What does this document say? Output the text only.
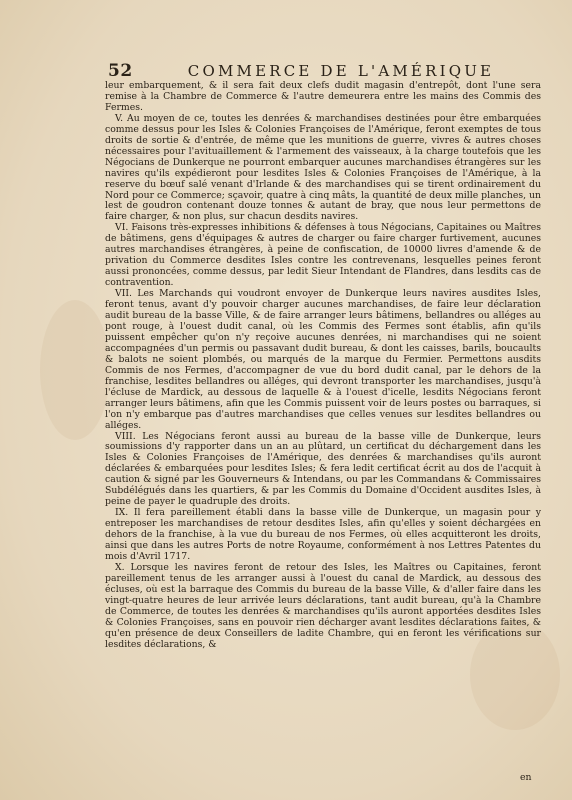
52	COMMERCE DE L'AMÉRIQUE

leur embarquement, & il sera fait deux clefs dudit magasin d'entrepôt, dont l'une sera remise à la Chambre de Commerce & l'autre demeurera entre les mains des Commis des Fermes.

V. Au moyen de ce, toutes les denrées & marchandises destinées pour être embarquées comme dessus pour les Isles & Colonies Françoises de l'Amérique, feront exemptes de tous droits de sortie & d'entrée, de même que les munitions de guerre, vivres & autres choses nécessaires pour l'avituaillement & l'armement des vaisseaux, à la charge toutefois que les Négocians de Dunkerque ne pourront embarquer aucunes marchandises étrangères sur les navires qu'ils expédieront pour lesdites Isles & Colonies Françoises de l'Amérique, à la reserve du bœuf salé venant d'Irlande & des marchandises qui se tirent ordinairement du Nord pour ce Commerce; sçavoir, quatre à cinq mâts, la quantité de deux mille planches, un lest de goudron contenant douze tonnes & autant de bray, que nous leur permettons de faire charger, & non plus, sur chacun desdits navires.

VI. Faisons très-expresses inhibitions & défenses à tous Négocians, Capitaines ou Maîtres de bâtimens, gens d'équipages & autres de charger ou faire charger furtivement, aucunes autres marchandises étrangères, à peine de confiscation, de 10000 livres d'amende & de privation du Commerce desdites Isles contre les contrevenans, lesquelles peines feront aussi prononcées, comme dessus, par ledit Sieur Intendant de Flandres, dans lesdits cas de contravention.

VII. Les Marchands qui voudront envoyer de Dunkerque leurs navires ausdites Isles, feront tenus, avant d'y pouvoir charger aucunes marchandises, de faire leur déclaration audit bureau de la basse Ville, & de faire arranger leurs bâtimens, bellandres ou alléges au pont rouge, à l'ouest dudit canal, où les Commis des Fermes sont établis, afin qu'ils puissent empêcher qu'on n'y reçoive aucunes denrées, ni marchandises qui ne soient accompagnées d'un permis ou passavant dudit bureau, & dont les caisses, barils, boucaults & balots ne soient plombés, ou marqués de la marque du Fermier. Permettons ausdits Commis de nos Fermes, d'accompagner de vue du bord dudit canal, par le dehors de la franchise, lesdites bellandres ou alléges, qui devront transporter les marchandises, jusqu'à l'écluse de Mardick, au dessous de laquelle & à l'ouest d'icelle, lesdits Négocians feront arranger leurs bâtimens, afin que les Commis puissent voir de leurs postes ou barraques, si l'on n'y embarque pas d'autres marchandises que celles venues sur lesdites bellandres ou alléges.

VIII. Les Négocians feront aussi au bureau de la basse ville de Dunkerque, leurs soumissions d'y rapporter dans un an au plûtard, un certificat du déchargement dans les Isles & Colonies Françoises de l'Amérique, des denrées & marchandises qu'ils auront déclarées & embarquées pour lesdites Isles; & fera ledit certificat écrit au dos de l'acquit à caution & signé par les Gouverneurs & Intendans, ou par les Commandans & Commissaires Subdélégués dans les quartiers, & par les Commis du Domaine d'Occident ausdites Isles, à peine de payer le quadruple des droits.

IX. Il fera pareillement établi dans la basse ville de Dunkerque, un magasin pour y entreposer les marchandises de retour desdites Isles, afin qu'elles y soient déchargées en dehors de la franchise, à la vue du bureau de nos Fermes, où elles acquitteront les droits, ainsi que dans les autres Ports de notre Royaume, conformément à nos Lettres Patentes du mois d'Avril 1717.

X. Lorsque les navires feront de retour des Isles, les Maîtres ou Capitaines, feront pareillement tenus de les arranger aussi à l'ouest du canal de Mardick, au dessous des écluses, où est la barraque des Commis du bureau de la basse Ville, & d'aller faire dans les vingt-quatre heures de leur arrivée leurs déclarations, tant audit bureau, qu'à la Chambre de Commerce, de toutes les denrées & marchandises qu'ils auront apportées desdites Isles & Colonies Françoises, sans en pouvoir rien décharger avant lesdites déclarations faites, & qu'en présence de deux Conseillers de ladite Chambre, qui en feront les vérifications sur lesdites déclarations, &

en
